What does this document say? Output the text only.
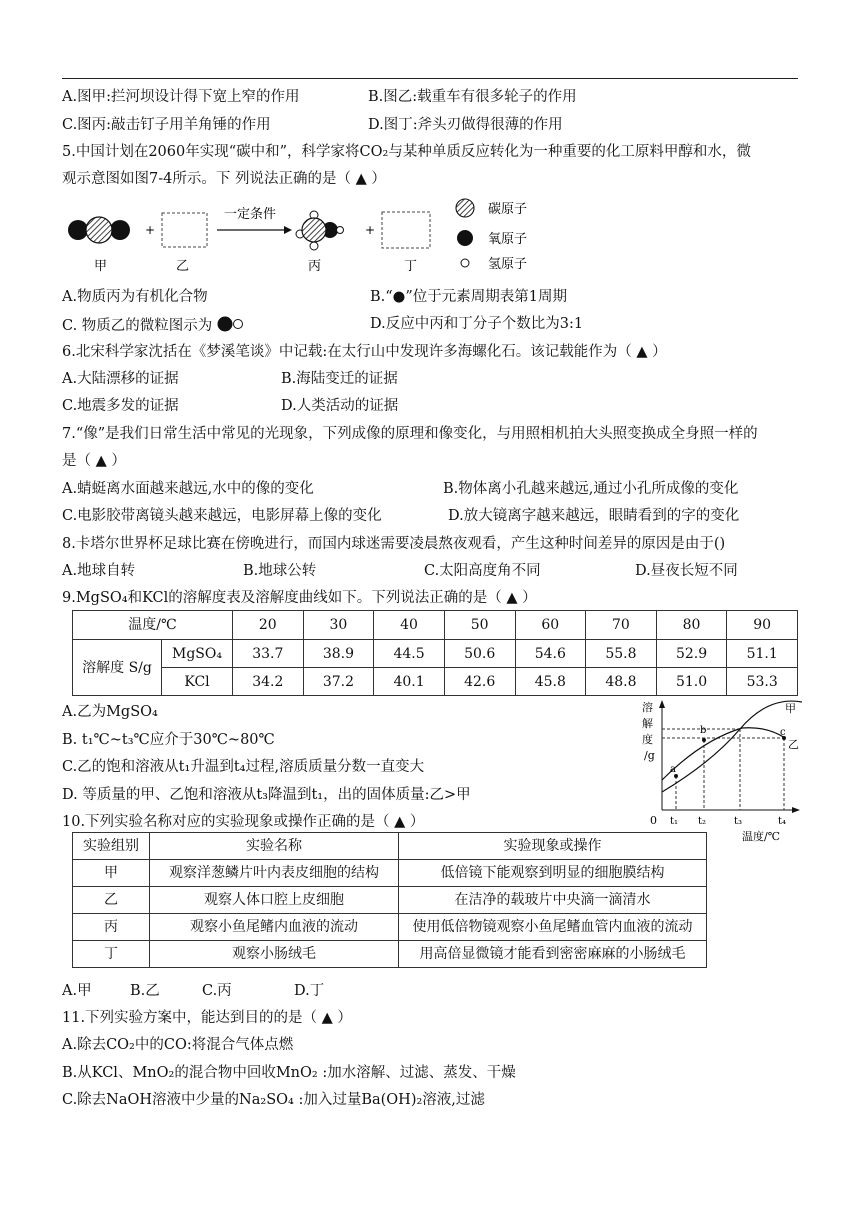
A.图甲:拦河坝设计得下宽上窄的作用	B.图乙:载重车有很多轮子的作用
C.图丙:敲击钉子用羊角锤的作用	D.图丁:斧头刃做得很薄的作用
5.中国计划在2060年实现“碳中和”，科学家将CO₂与某种单质反应转化为一种重要的化工原料甲醇和水，微
观示意图如图7-4所示。下 列说法正确的是（ ▲ ）
甲
+
乙
一定条件
丙
+
丁
碳原子
氧原子
氢原子
A.物质丙为有机化合物	B.“●”位于元素周期表第1周期
C. 物质乙的微粒图示为	D.反应中丙和丁分子个数比为3:1
6.北宋科学家沈括在《梦溪笔谈》中记载:在太行山中发现许多海螺化石。该记载能作为（ ▲ ）
A.大陆漂移的证据	B.海陆变迁的证据
C.地震多发的证据	D.人类活动的证据
7.“像”是我们日常生活中常见的光现象，下列成像的原理和像变化，与用照相机拍大头照变换成全身照一样的
是（ ▲ ）
A.蜻蜓离水面越来越远,水中的像的变化	B.物体离小孔越来越远,通过小孔所成像的变化
C.电影胶带离镜头越来越远，电影屏幕上像的变化	D.放大镜离字越来越远，眼睛看到的字的变化
8.卡塔尔世界杯足球比赛在傍晚进行，而国内球迷需要凌晨熬夜观看，产生这种时间差异的原因是由于()
A.地球自转	B.地球公转	C.太阳高度角不同	D.昼夜长短不同
9.MgSO₄和KCl的溶解度表及溶解度曲线如下。下列说法正确的是（ ▲ ）
温度/℃		20	30	40	50	60	70	80	90
溶解度 S/g	MgSO₄	33.7	38.9	44.5	50.6	54.6	55.8	52.9	51.1
	KCl	34.2	37.2	40.1	42.6	45.8	48.8	51.0	53.3
A.乙为MgSO₄
B. t₁℃~t₃℃应介于30℃~80℃
C.乙的饱和溶液从t₁升温到t₄过程,溶质质量分数一直变大
D. 等质量的甲、乙饱和溶液从t₃降温到t₁，出的固体质量:乙>甲
溶
解
度
/g
0
a
b	c
甲
乙
t₁ t₂	t₃	t₄
温度/℃
10.下列实验名称对应的实验现象或操作正确的是（ ▲ ）
实验组别	实验名称	实验现象或操作
甲	观察洋葱鳞片叶内表皮细胞的结构	低倍镜下能观察到明显的细胞膜结构
乙	观察人体口腔上皮细胞	在洁净的载玻片中央滴一滴清水
丙	观察小鱼尾鳍内血液的流动	使用低倍物镜观察小鱼尾鳍血管内血液的流动
丁	观察小肠绒毛	用高倍显微镜才能看到密密麻麻的小肠绒毛
A.甲	B.乙	C.丙	D.丁
11.下列实验方案中，能达到目的的是（ ▲ ）
A.除去CO₂中的CO:将混合气体点燃
B.从KCl、MnO₂的混合物中回收MnO₂ :加水溶解、过滤、蒸发、干燥
C.除去NaOH溶液中少量的Na₂SO₄ :加入过量Ba(OH)₂溶液,过滤
